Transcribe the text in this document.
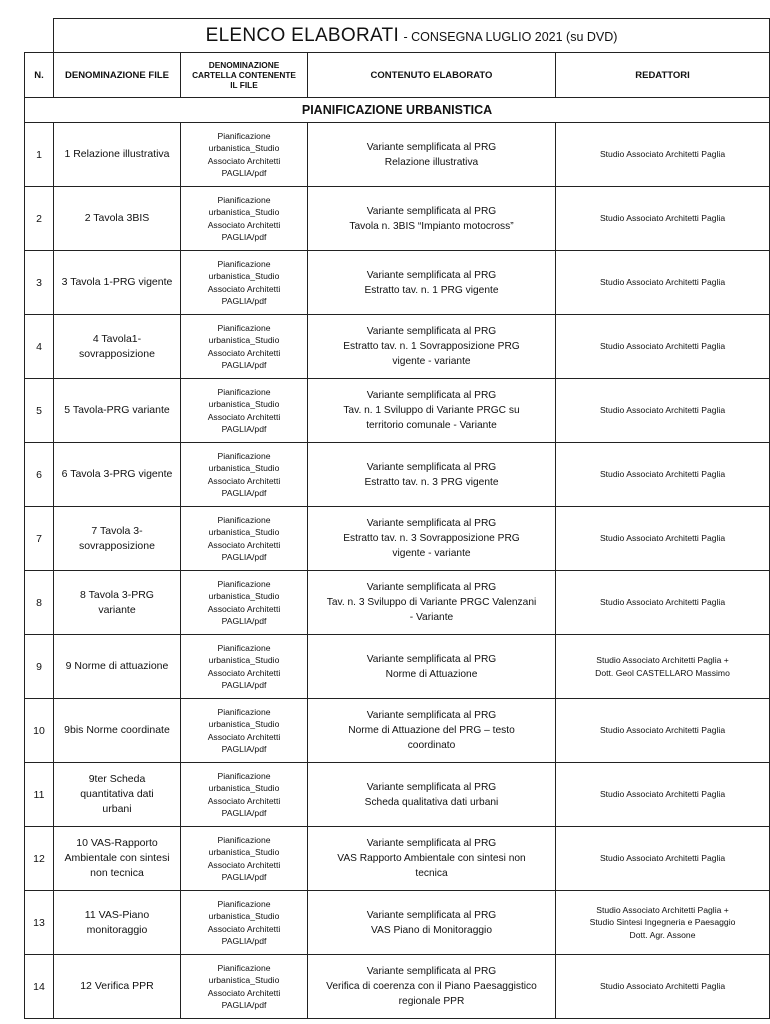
	ELENCO ELABORATI - CONSEGNA LUGLIO 2021 (su DVD)			
N.	DENOMINAZIONE FILE	DENOMINAZIONE
CARTELLA CONTENENTE
IL FILE	CONTENUTO ELABORATO	REDATTORI
PIANIFICAZIONE URBANISTICA				
1	1 Relazione illustrativa	Pianificazione
urbanistica_Studio
Associato Architetti
PAGLIA/pdf	Variante semplificata al PRG
Relazione illustrativa	Studio Associato Architetti Paglia

2	2 Tavola 3BIS	Pianificazione
urbanistica_Studio
Associato Architetti
PAGLIA/pdf	Variante semplificata al PRG
Tavola n. 3BIS “Impianto motocross”	Studio Associato Architetti Paglia

3	3 Tavola 1-PRG vigente	Pianificazione
urbanistica_Studio
Associato Architetti
PAGLIA/pdf	Variante semplificata al PRG
Estratto tav. n. 1 PRG vigente	Studio Associato Architetti Paglia

4	4 Tavola1-
sovrapposizione	Pianificazione
urbanistica_Studio
Associato Architetti
PAGLIA/pdf	Variante semplificata al PRG
Estratto tav. n. 1 Sovrapposizione PRG
vigente - variante	Studio Associato Architetti Paglia

5	5 Tavola-PRG variante	Pianificazione
urbanistica_Studio
Associato Architetti
PAGLIA/pdf	Variante semplificata al PRG
Tav. n. 1 Sviluppo di Variante PRGC su
territorio comunale - Variante	Studio Associato Architetti Paglia

6	6 Tavola 3-PRG vigente	Pianificazione
urbanistica_Studio
Associato Architetti
PAGLIA/pdf	Variante semplificata al PRG
Estratto tav. n. 3 PRG vigente	Studio Associato Architetti Paglia

7	7 Tavola 3-
sovrapposizione	Pianificazione
urbanistica_Studio
Associato Architetti
PAGLIA/pdf	Variante semplificata al PRG
Estratto tav. n. 3 Sovrapposizione PRG
vigente - variante	Studio Associato Architetti Paglia

8	8 Tavola 3-PRG
variante	Pianificazione
urbanistica_Studio
Associato Architetti
PAGLIA/pdf	Variante semplificata al PRG
Tav. n. 3 Sviluppo di Variante PRGC Valenzani
- Variante	Studio Associato Architetti Paglia

9	9 Norme di attuazione	Pianificazione
urbanistica_Studio
Associato Architetti
PAGLIA/pdf	Variante semplificata al PRG
Norme di Attuazione	Studio Associato Architetti Paglia +
Dott. Geol CASTELLARO Massimo

10	9bis Norme coordinate	Pianificazione
urbanistica_Studio
Associato Architetti
PAGLIA/pdf	Variante semplificata al PRG
Norme di Attuazione del PRG – testo
coordinato	Studio Associato Architetti Paglia

11	9ter Scheda
quantitativa dati
urbani	Pianificazione
urbanistica_Studio
Associato Architetti
PAGLIA/pdf	Variante semplificata al PRG
Scheda qualitativa dati urbani	Studio Associato Architetti Paglia

12	10 VAS-Rapporto
Ambientale con sintesi
non tecnica	Pianificazione
urbanistica_Studio
Associato Architetti
PAGLIA/pdf	Variante semplificata al PRG
VAS Rapporto Ambientale con sintesi non
tecnica	Studio Associato Architetti Paglia

13	11 VAS-Piano
monitoraggio	Pianificazione
urbanistica_Studio
Associato Architetti
PAGLIA/pdf	Variante semplificata al PRG
VAS Piano di Monitoraggio	Studio Associato Architetti Paglia +
Studio Sintesi Ingegneria e Paesaggio
Dott. Agr. Assone

14	12 Verifica PPR	Pianificazione
urbanistica_Studio
Associato Architetti
PAGLIA/pdf	Variante semplificata al PRG
Verifica di coerenza con il Piano Paesaggistico
regionale PPR	Studio Associato Architetti Paglia
